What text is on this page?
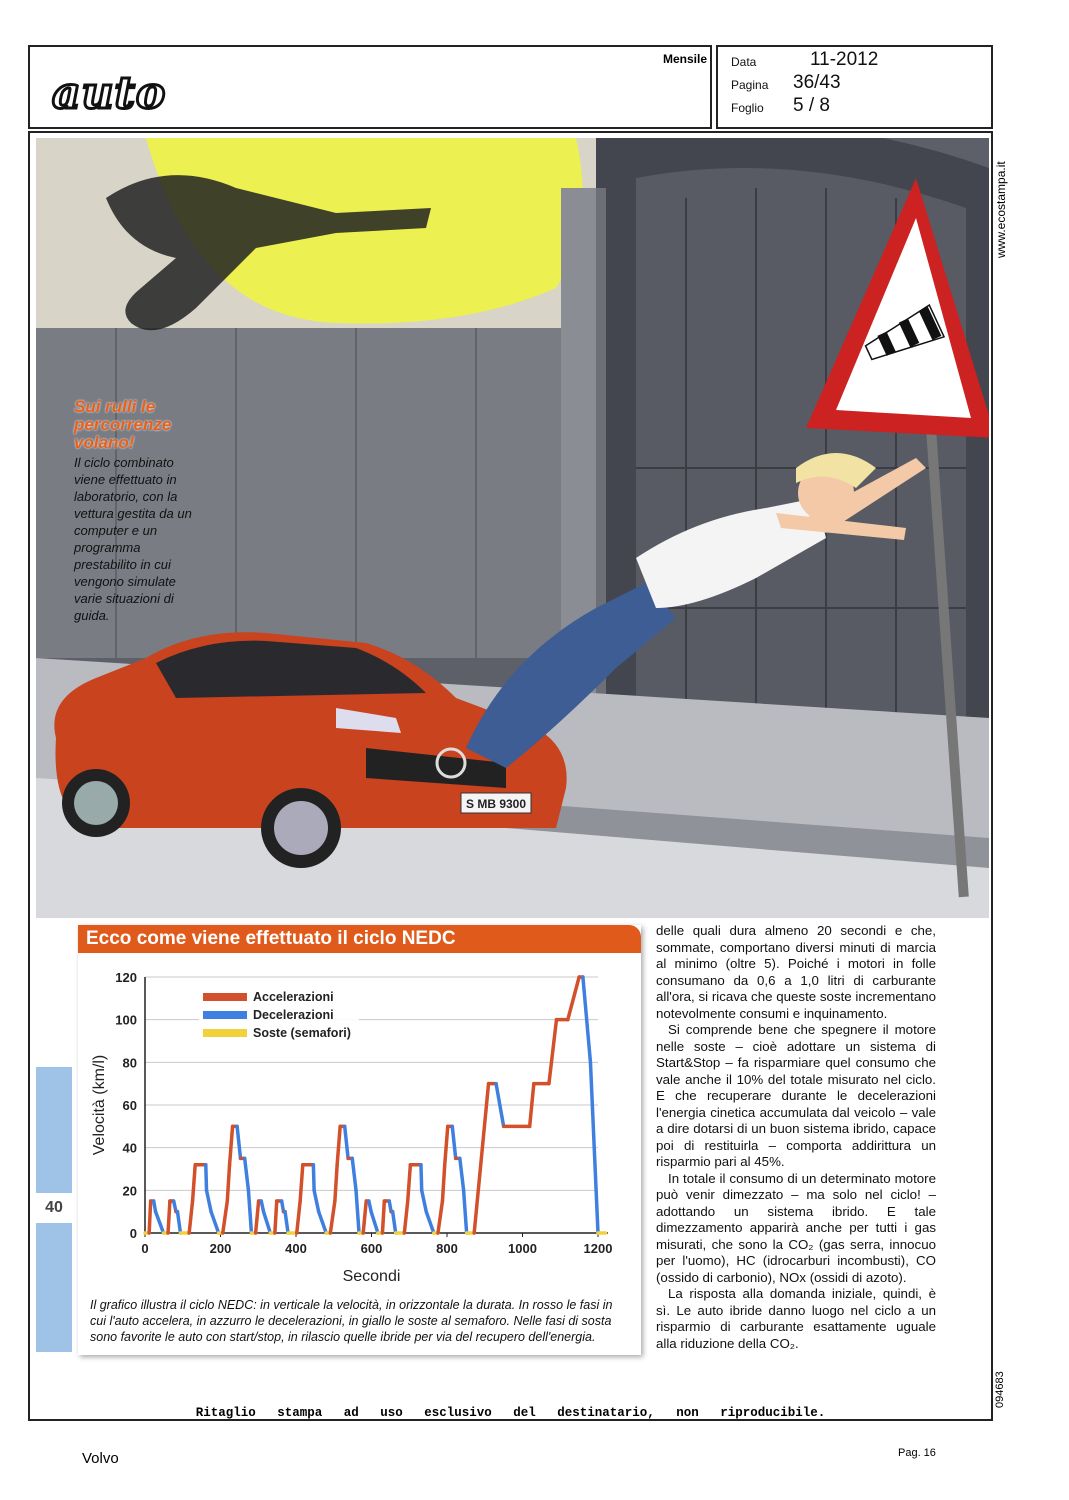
auto
Mensile Data	11-2012
Pagina 36/43
Foglio 5 / 8
www.ecostampa.it
094683
S MB 9300
Sui rulli le percorrenze volano!
Il ciclo combinato viene effettuato in laboratorio, con la vettura gestita da un computer e un programma prestabilito in cui vengono simulate varie situazioni di guida.
40
Ecco come viene effettuato il ciclo NEDC
0
20
40
60
80
100
120
0	200	400	600	800	1000	1200
Secondi
Velocità (km/l)
Accelerazioni
Decelerazioni
Soste (semafori)
Il grafico illustra il ciclo NEDC: in verticale la velocità, in orizzontale la durata. In rosso le fasi in cui l'auto accelera, in azzurro le decelerazioni, in giallo le soste al semaforo. Nelle fasi di sosta sono favorite le auto con start/stop, in rilascio quelle ibride per via del recupero dell'energia.

delle quali dura almeno 20 secondi e che, sommate, comportano diversi minuti di marcia al minimo (oltre 5). Poiché i motori in folle consumano da 0,6 a 1,0 litri di carburante all'ora, si ricava che queste soste incrementano notevolmente consumi e inquinamento.

Si comprende bene che spegnere il motore nelle soste – cioè adottare un sistema di Start&Stop – fa risparmiare quel consumo che vale anche il 10% del totale misurato nel ciclo. E che recuperare durante le decelerazioni l'energia cinetica accumulata dal veicolo – vale a dire dotarsi di un buon sistema ibrido, capace poi di restituirla – comporta addirittura un risparmio pari al 45%.

In totale il consumo di un determinato motore può venir dimezzato – ma solo nel ciclo! – adottando un sistema ibrido. E tale dimezzamento apparirà anche per tutti i gas misurati, che sono la CO₂ (gas serra, innocuo per l'uomo), HC (idrocarburi incombusti), CO (ossido di carbonio), NOx (ossidi di azoto).

La risposta alla domanda iniziale, quindi, è sì. Le auto ibride danno luogo nel ciclo a un risparmio di carburante esattamente uguale alla riduzione della CO₂.

Ritaglio stampa ad uso esclusivo del destinatario, non riproducibile.
Volvo	Pag. 16
